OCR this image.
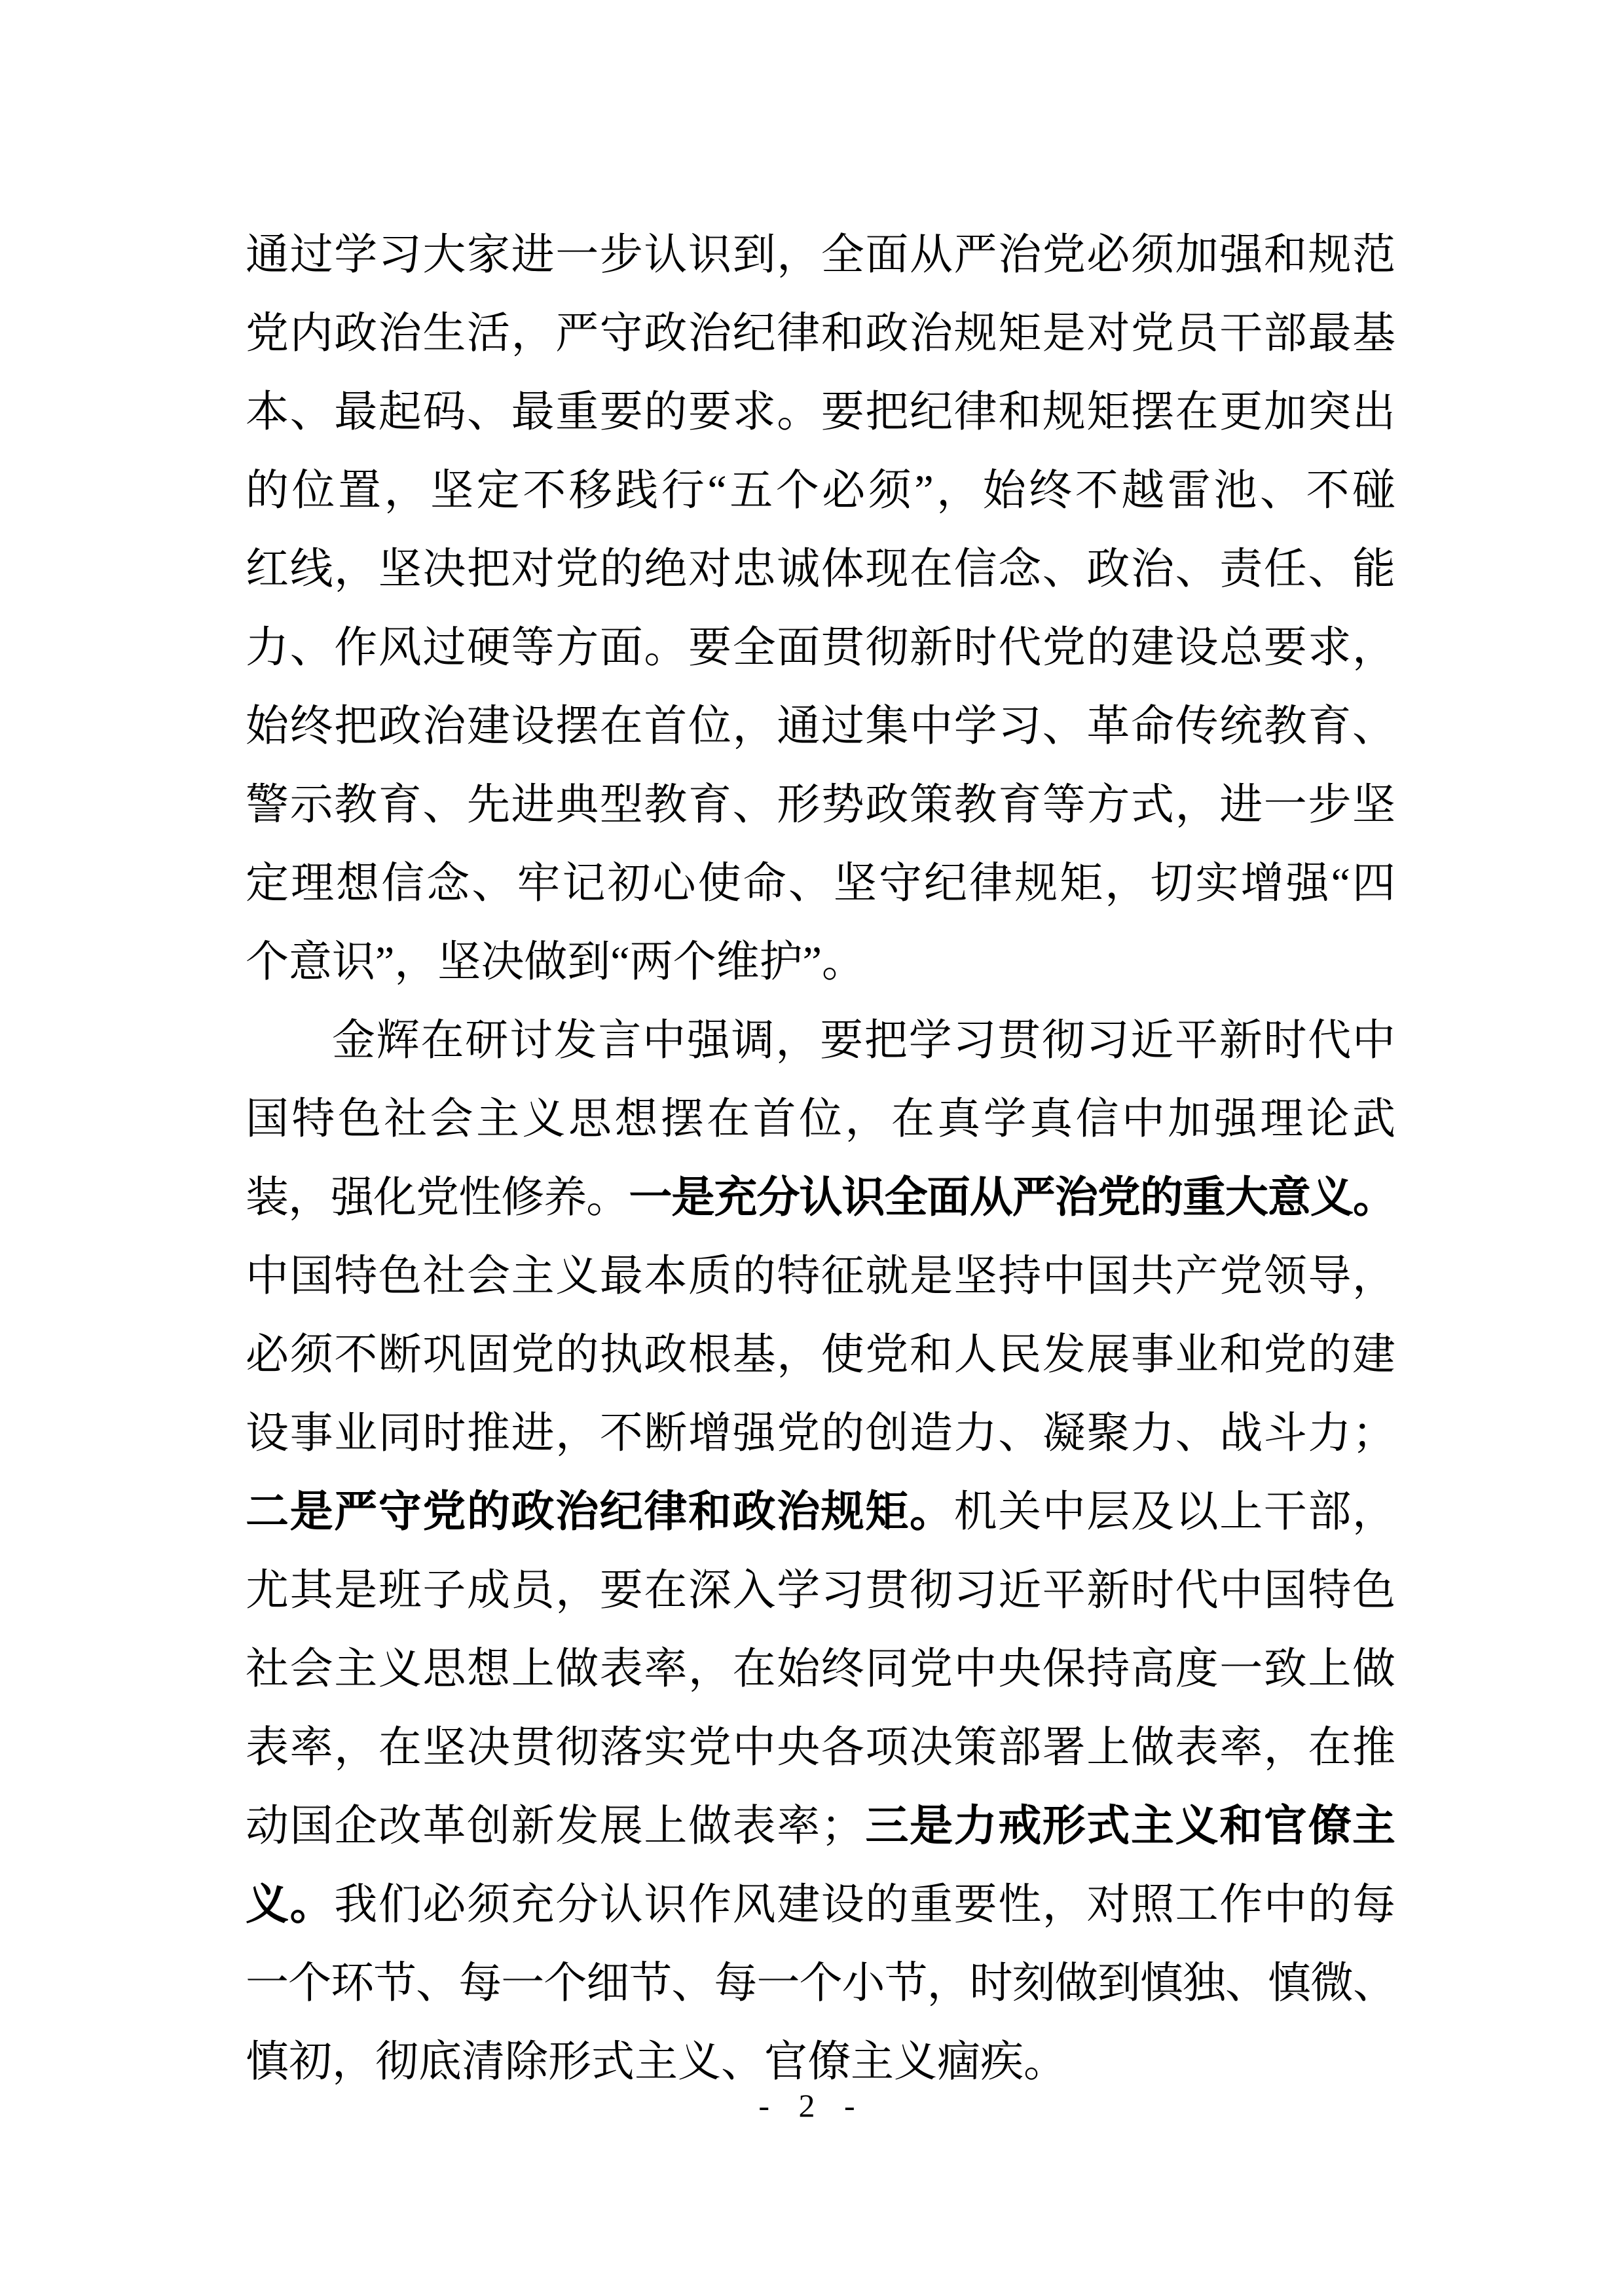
通过学习大家进一步认识到，全面从严治党必须加强和规范
党内政治生活，严守政治纪律和政治规矩是对党员干部最基
本、最起码、最重要的要求。要把纪律和规矩摆在更加突出
的位置，坚定不移践行“五个必须”，始终不越雷池、不碰
红线，坚决把对党的绝对忠诚体现在信念、政治、责任、能
力、作风过硬等方面。要全面贯彻新时代党的建设总要求，
始终把政治建设摆在首位，通过集中学习、革命传统教育、
警示教育、先进典型教育、形势政策教育等方式，进一步坚
定理想信念、牢记初心使命、坚守纪律规矩，切实增强“四
个意识”，坚决做到“两个维护”。
金辉在研讨发言中强调，要把学习贯彻习近平新时代中
国特色社会主义思想摆在首位，在真学真信中加强理论武
装，强化党性修养。一是充分认识全面从严治党的重大意义。
中国特色社会主义最本质的特征就是坚持中国共产党领导，
必须不断巩固党的执政根基，使党和人民发展事业和党的建
设事业同时推进，不断增强党的创造力、凝聚力、战斗力；
二是严守党的政治纪律和政治规矩。机关中层及以上干部，
尤其是班子成员，要在深入学习贯彻习近平新时代中国特色
社会主义思想上做表率，在始终同党中央保持高度一致上做
表率，在坚决贯彻落实党中央各项决策部署上做表率，在推
动国企改革创新发展上做表率；三是力戒形式主义和官僚主
义。我们必须充分认识作风建设的重要性，对照工作中的每
一个环节、每一个细节、每一个小节，时刻做到慎独、慎微、
慎初，彻底清除形式主义、官僚主义痼疾。
- 2 -
